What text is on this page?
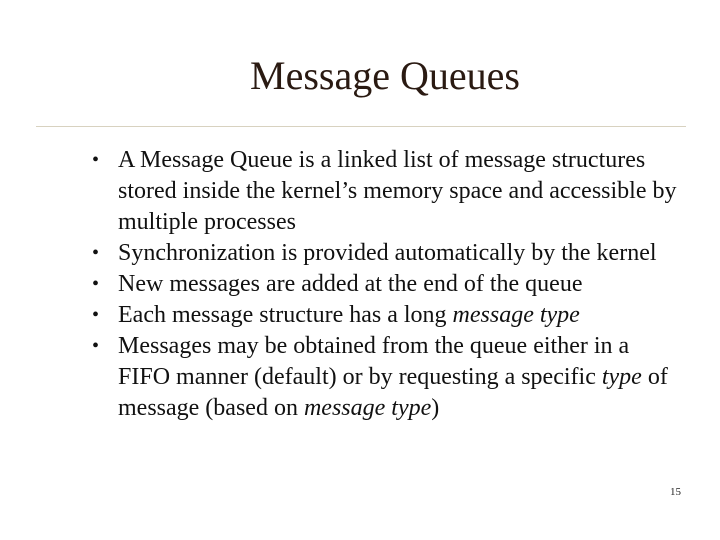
Message Queues
• A Message Queue is a linked list of message structures stored inside the kernel’s memory space and accessible by multiple processes
• Synchronization is provided automatically by the kernel
• New messages are added at the end of the queue
• Each message structure has a long message type
• Messages may be obtained from the queue either in a FIFO manner (default) or by requesting a specific type of message (based on message type)
15
